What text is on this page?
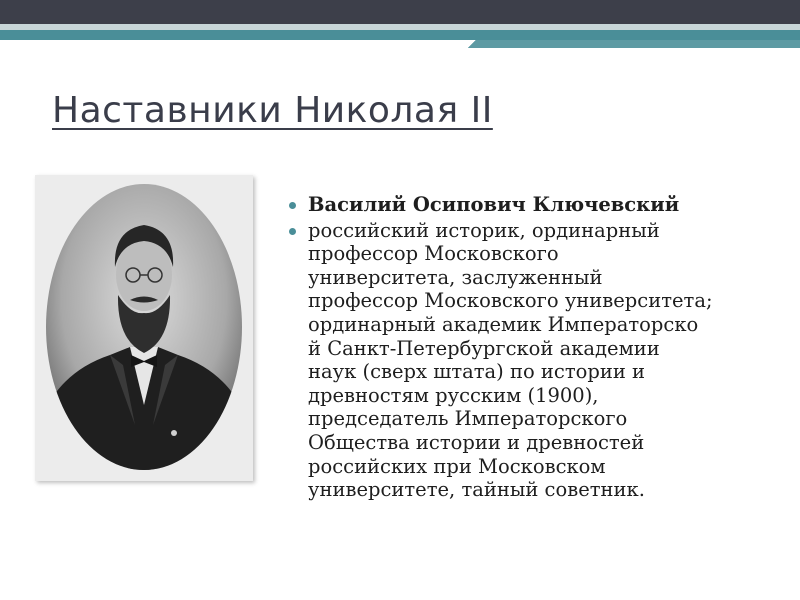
Наставники Николая II
Василий Осипович Ключевский
российский историк, ординарный
профессор Московского
университета, заслуженный
профессор Московского университета;
ординарный академик Императорско
й Санкт-Петербургской академии
наук (сверх штата) по истории и
древностям русским (1900),
председатель Императорского
Общества истории и древностей
российских при Московском
университете, тайный советник.
